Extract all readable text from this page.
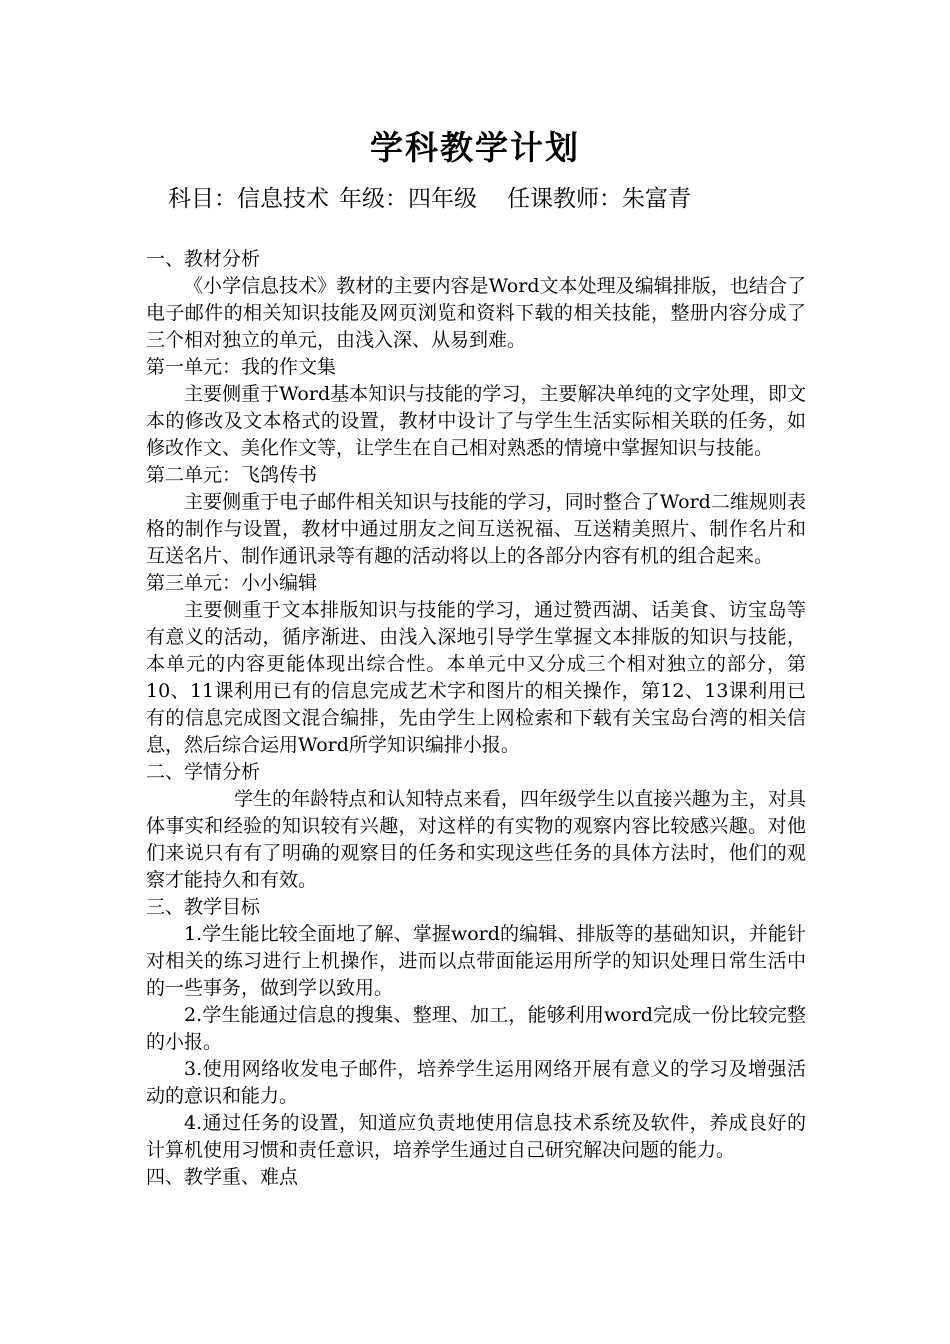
学科教学计划
科目：信息技术 年级：四年级 任课教师：朱富青

一、教材分析

《小学信息技术》教材的主要内容是Word文本处理及编辑排版，也结合了电子邮件的相关知识技能及网页浏览和资料下载的相关技能，整册内容分成了三个相对独立的单元，由浅入深、从易到难。

第一单元：我的作文集

主要侧重于Word基本知识与技能的学习，主要解决单纯的文字处理，即文本的修改及文本格式的设置，教材中设计了与学生生活实际相关联的任务，如修改作文、美化作文等，让学生在自己相对熟悉的情境中掌握知识与技能。

第二单元：飞鸽传书

主要侧重于电子邮件相关知识与技能的学习，同时整合了Word二维规则表格的制作与设置，教材中通过朋友之间互送祝福、互送精美照片、制作名片和互送名片、制作通讯录等有趣的活动将以上的各部分内容有机的组合起来。

第三单元：小小编辑

主要侧重于文本排版知识与技能的学习，通过赞西湖、话美食、访宝岛等有意义的活动，循序渐进、由浅入深地引导学生掌握文本排版的知识与技能，本单元的内容更能体现出综合性。本单元中又分成三个相对独立的部分，第10、11课利用已有的信息完成艺术字和图片的相关操作，第12、13课利用已有的信息完成图文混合编排，先由学生上网检索和下载有关宝岛台湾的相关信息，然后综合运用Word所学知识编排小报。

二、学情分析

学生的年龄特点和认知特点来看，四年级学生以直接兴趣为主，对具体事实和经验的知识较有兴趣，对这样的有实物的观察内容比较感兴趣。对他们来说只有有了明确的观察目的任务和实现这些任务的具体方法时，他们的观察才能持久和有效。

三、教学目标

1.学生能比较全面地了解、掌握word的编辑、排版等的基础知识，并能针对相关的练习进行上机操作，进而以点带面能运用所学的知识处理日常生活中的一些事务，做到学以致用。

2.学生能通过信息的搜集、整理、加工，能够利用word完成一份比较完整的小报。

3.使用网络收发电子邮件，培养学生运用网络开展有意义的学习及增强活动的意识和能力。

4.通过任务的设置，知道应负责地使用信息技术系统及软件，养成良好的计算机使用习惯和责任意识，培养学生通过自己研究解决问题的能力。

四、教学重、难点
